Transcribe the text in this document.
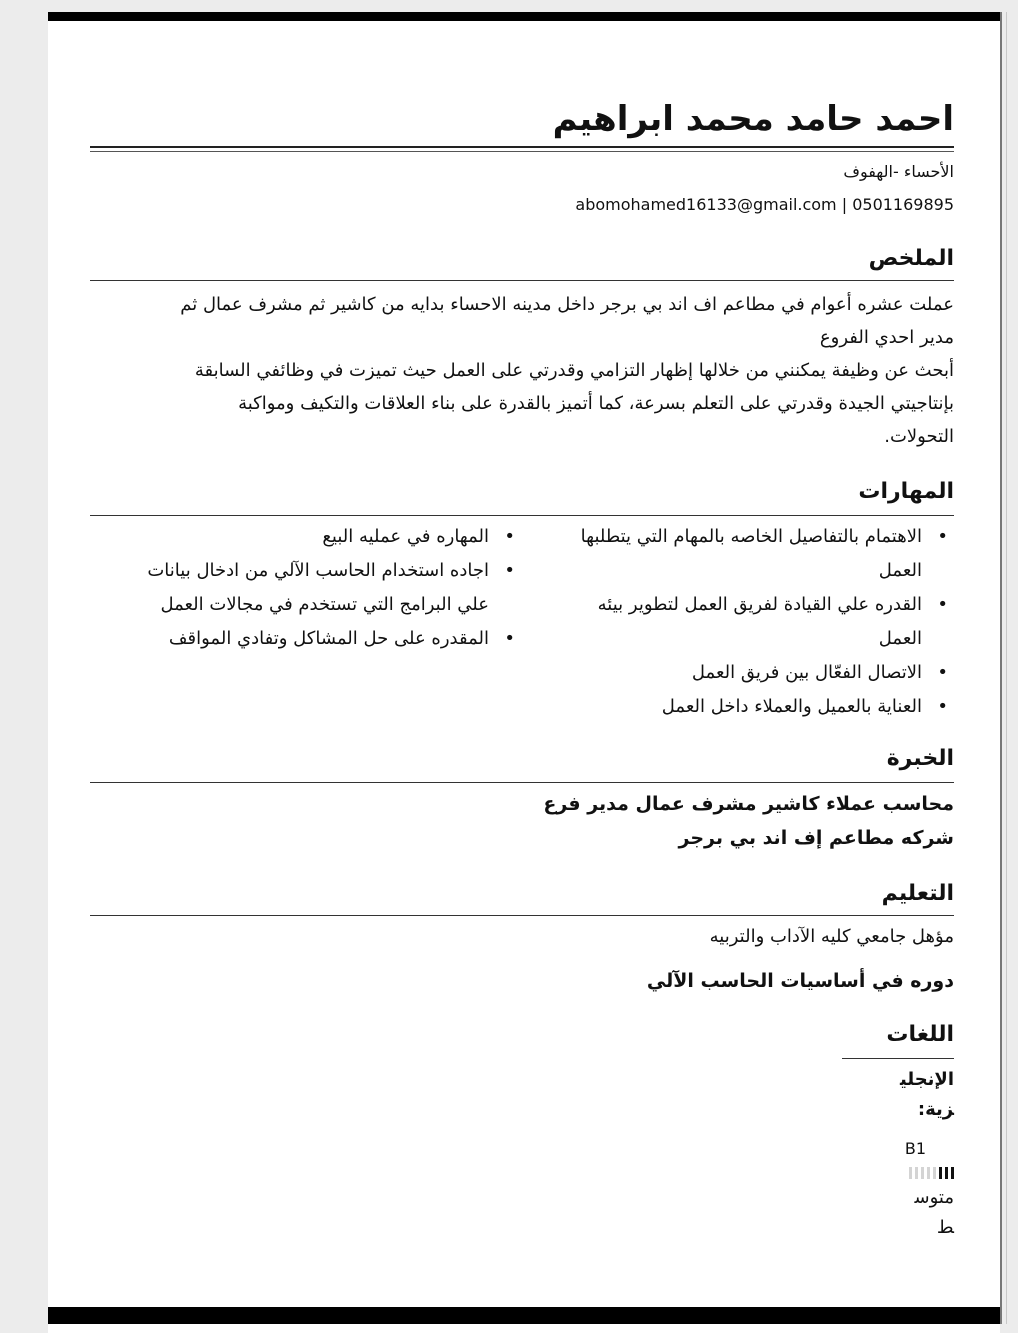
احمد حامد محمد ابراهيم
الأحساء -الهفوف
abomohamed16133@gmail.com | 0501169895
الملخص
عملت عشره أعوام في مطاعم اف اند بي برجر داخل مدينه الاحساء بدايه من كاشير ثم مشرف عمال ثم
مدير احدي الفروع
أبحث عن وظيفة يمكنني من خلالها إظهار التزامي وقدرتي على العمل حيث تميزت في وظائفي السابقة
بإنتاجيتي الجيدة وقدرتي على التعلم بسرعة، كما أتميز بالقدرة على بناء العلاقات والتكيف ومواكبة
التحولات.
المهارات
•
الاهتمام بالتفاصيل الخاصه بالمهام التي يتطلبها العمل
•
القدره علي القيادة لفريق العمل لتطوير بيئه العمل
•
الاتصال الفعّال بين فريق العمل
•
العناية بالعميل والعملاء داخل العمل
•
المهاره في عمليه البيع
•
اجاده استخدام الحاسب الآلي من ادخال بيانات علي البرامج التي تستخدم في مجالات العمل
•
المقدره على حل المشاكل وتفادي المواقف
الخبرة
محاسب عملاء كاشير مشرف عمال مدير فرع
شركه مطاعم إف اند بي برجر
التعليم
مؤهل جامعي كليه الآداب والتربيه
دوره في أساسيات الحاسب الآلي
اللغات
الإنجليزية:
B1
متوسط
